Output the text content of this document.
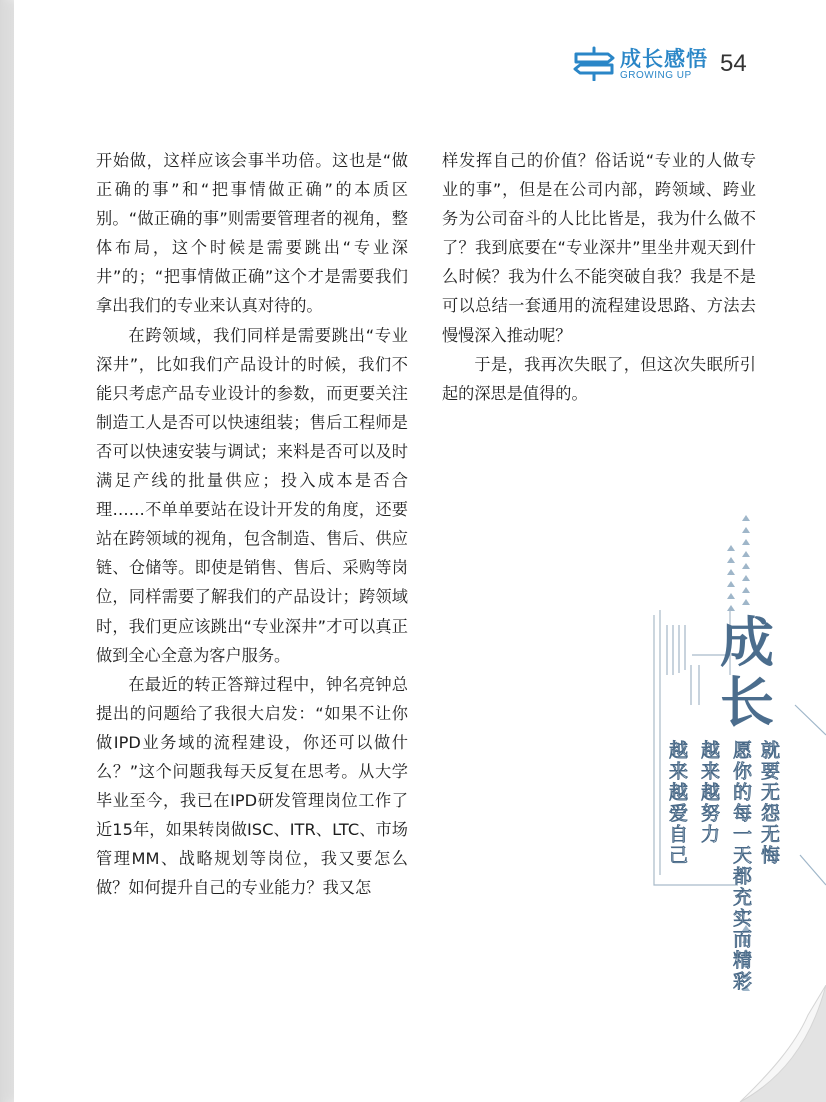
成长感悟
GROWING UP 54

开始做，这样应该会事半功倍。这也是“做正确的事”和“把事情做正确”的本质区别。“做正确的事”则需要管理者的视角，整体布局，这个时候是需要跳出“专业深井”的；“把事情做正确”这个才是需要我们拿出我们的专业来认真对待的。

在跨领域，我们同样是需要跳出“专业深井”，比如我们产品设计的时候，我们不能只考虑产品专业设计的参数，而更要关注制造工人是否可以快速组装；售后工程师是否可以快速安装与调试；来料是否可以及时满足产线的批量供应；投入成本是否合理……不单单要站在设计开发的角度，还要站在跨领域的视角，包含制造、售后、供应链、仓储等。即使是销售、售后、采购等岗位，同样需要了解我们的产品设计；跨领域时，我们更应该跳出“专业深井”才可以真正做到全心全意为客户服务。

在最近的转正答辩过程中，钟名亮钟总提出的问题给了我很大启发：“如果不让你做IPD业务域的流程建设，你还可以做什么？”这个问题我每天反复在思考。从大学毕业至今，我已在IPD研发管理岗位工作了近15年，如果转岗做ISC、ITR、LTC、市场管理MM、战略规划等岗位，我又要怎么做？如何提升自己的专业能力？我又怎

样发挥自己的价值？俗话说“专业的人做专业的事”，但是在公司内部，跨领域、跨业务为公司奋斗的人比比皆是，我为什么做不了？我到底要在“专业深井”里坐井观天到什么时候？我为什么不能突破自我？我是不是可以总结一套通用的流程建设思路、方法去慢慢深入推动呢？

于是，我再次失眠了，但这次失眠所引起的深思是值得的。

成
长
就要无怨无悔
愿你的每一天都充实而精彩
越来越努力
越来越爱自己
